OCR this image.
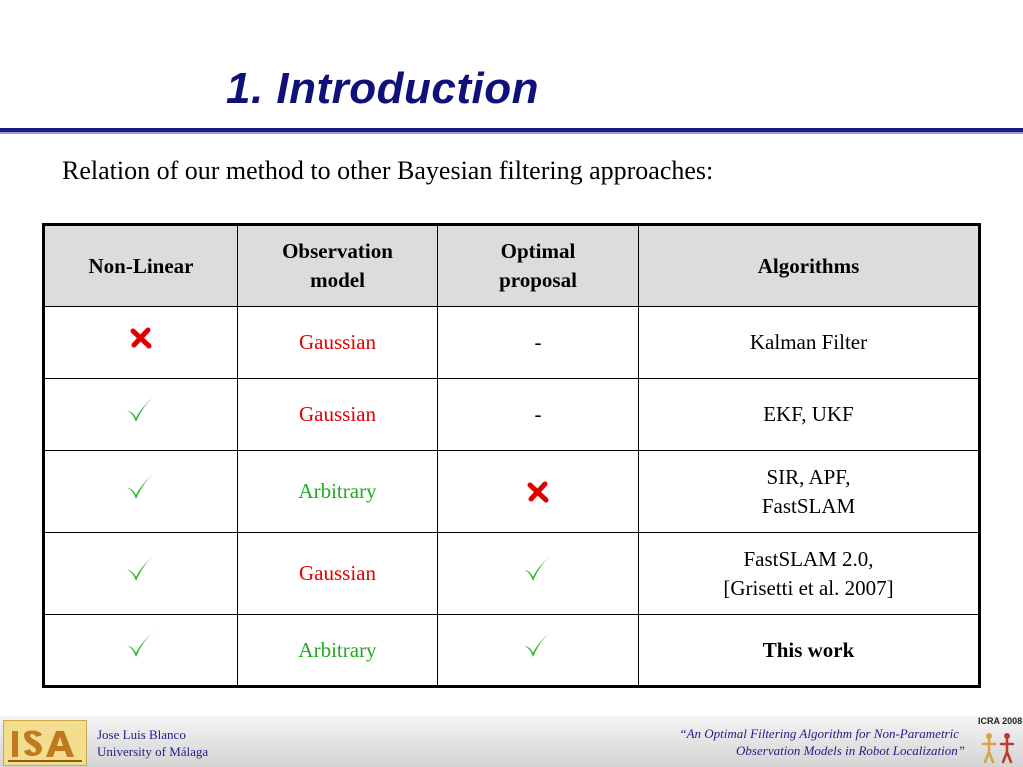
1. Introduction
Relation of our method to other Bayesian filtering approaches:
Non-Linear	Observation model	Optimal proposal	Algorithms

	Gaussian	-	Kalman Filter

	Gaussian	-	EKF, UKF

	Arbitrary		SIR, APF,
FastSLAM

	Gaussian		FastSLAM 2.0,
[Grisetti et al. 2007]

	Arbitrary		This work
Jose Luis Blanco
University of Málaga
“An Optimal Filtering Algorithm for Non-Parametric
Observation Models in Robot Localization”
ICRA 2008
